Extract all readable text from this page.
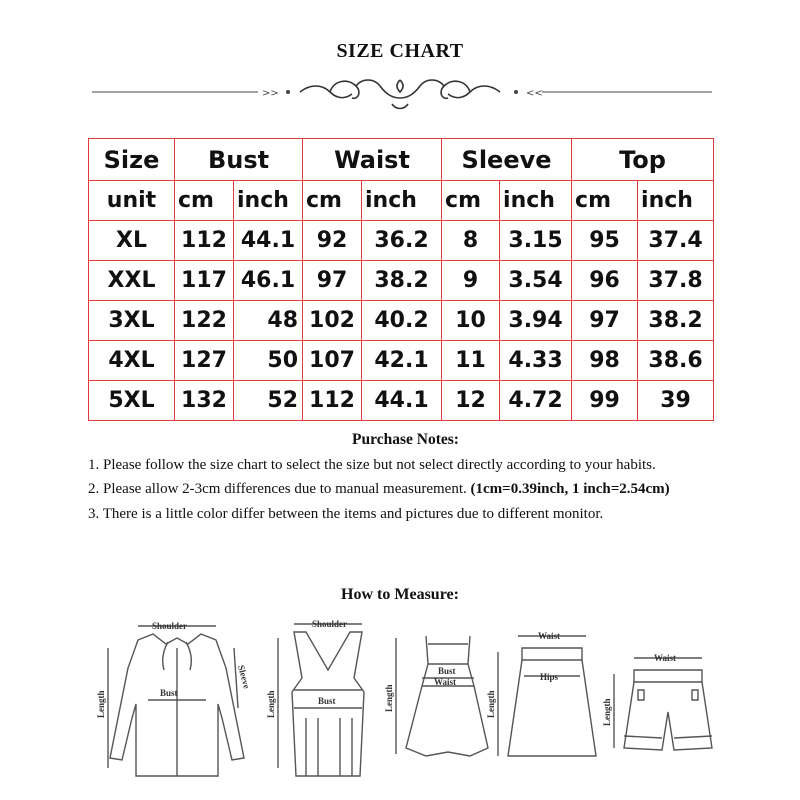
SIZE CHART
>>	<<
Size	Bust		Waist		Sleeve		Top	
unit	cm	inch	cm	inch	cm	inch	cm	inch
XL	112	44.1	92	36.2	8	3.15	95	37.4
XXL	117	46.1	97	38.2	9	3.54	96	37.8
3XL	122	48	102	40.2	10	3.94	97	38.2
4XL	127	50	107	42.1	11	4.33	98	38.6
5XL	132	52	112	44.1	12	4.72	99	39
Purchase Notes:

1. Please follow the size chart to select the size but not select directly according to your habits.

2. Please allow 2-3cm differences due to manual measurement. (1cm=0.39inch, 1 inch=2.54cm)

3. There is a little color differ between the items and pictures due to different monitor.

How to Measure:
Shoulder
Bust
Sleeve
Length
Shoulder
Bust
Length
Bust
Waist
Length
Waist
Hips
Length
Waist
Length
